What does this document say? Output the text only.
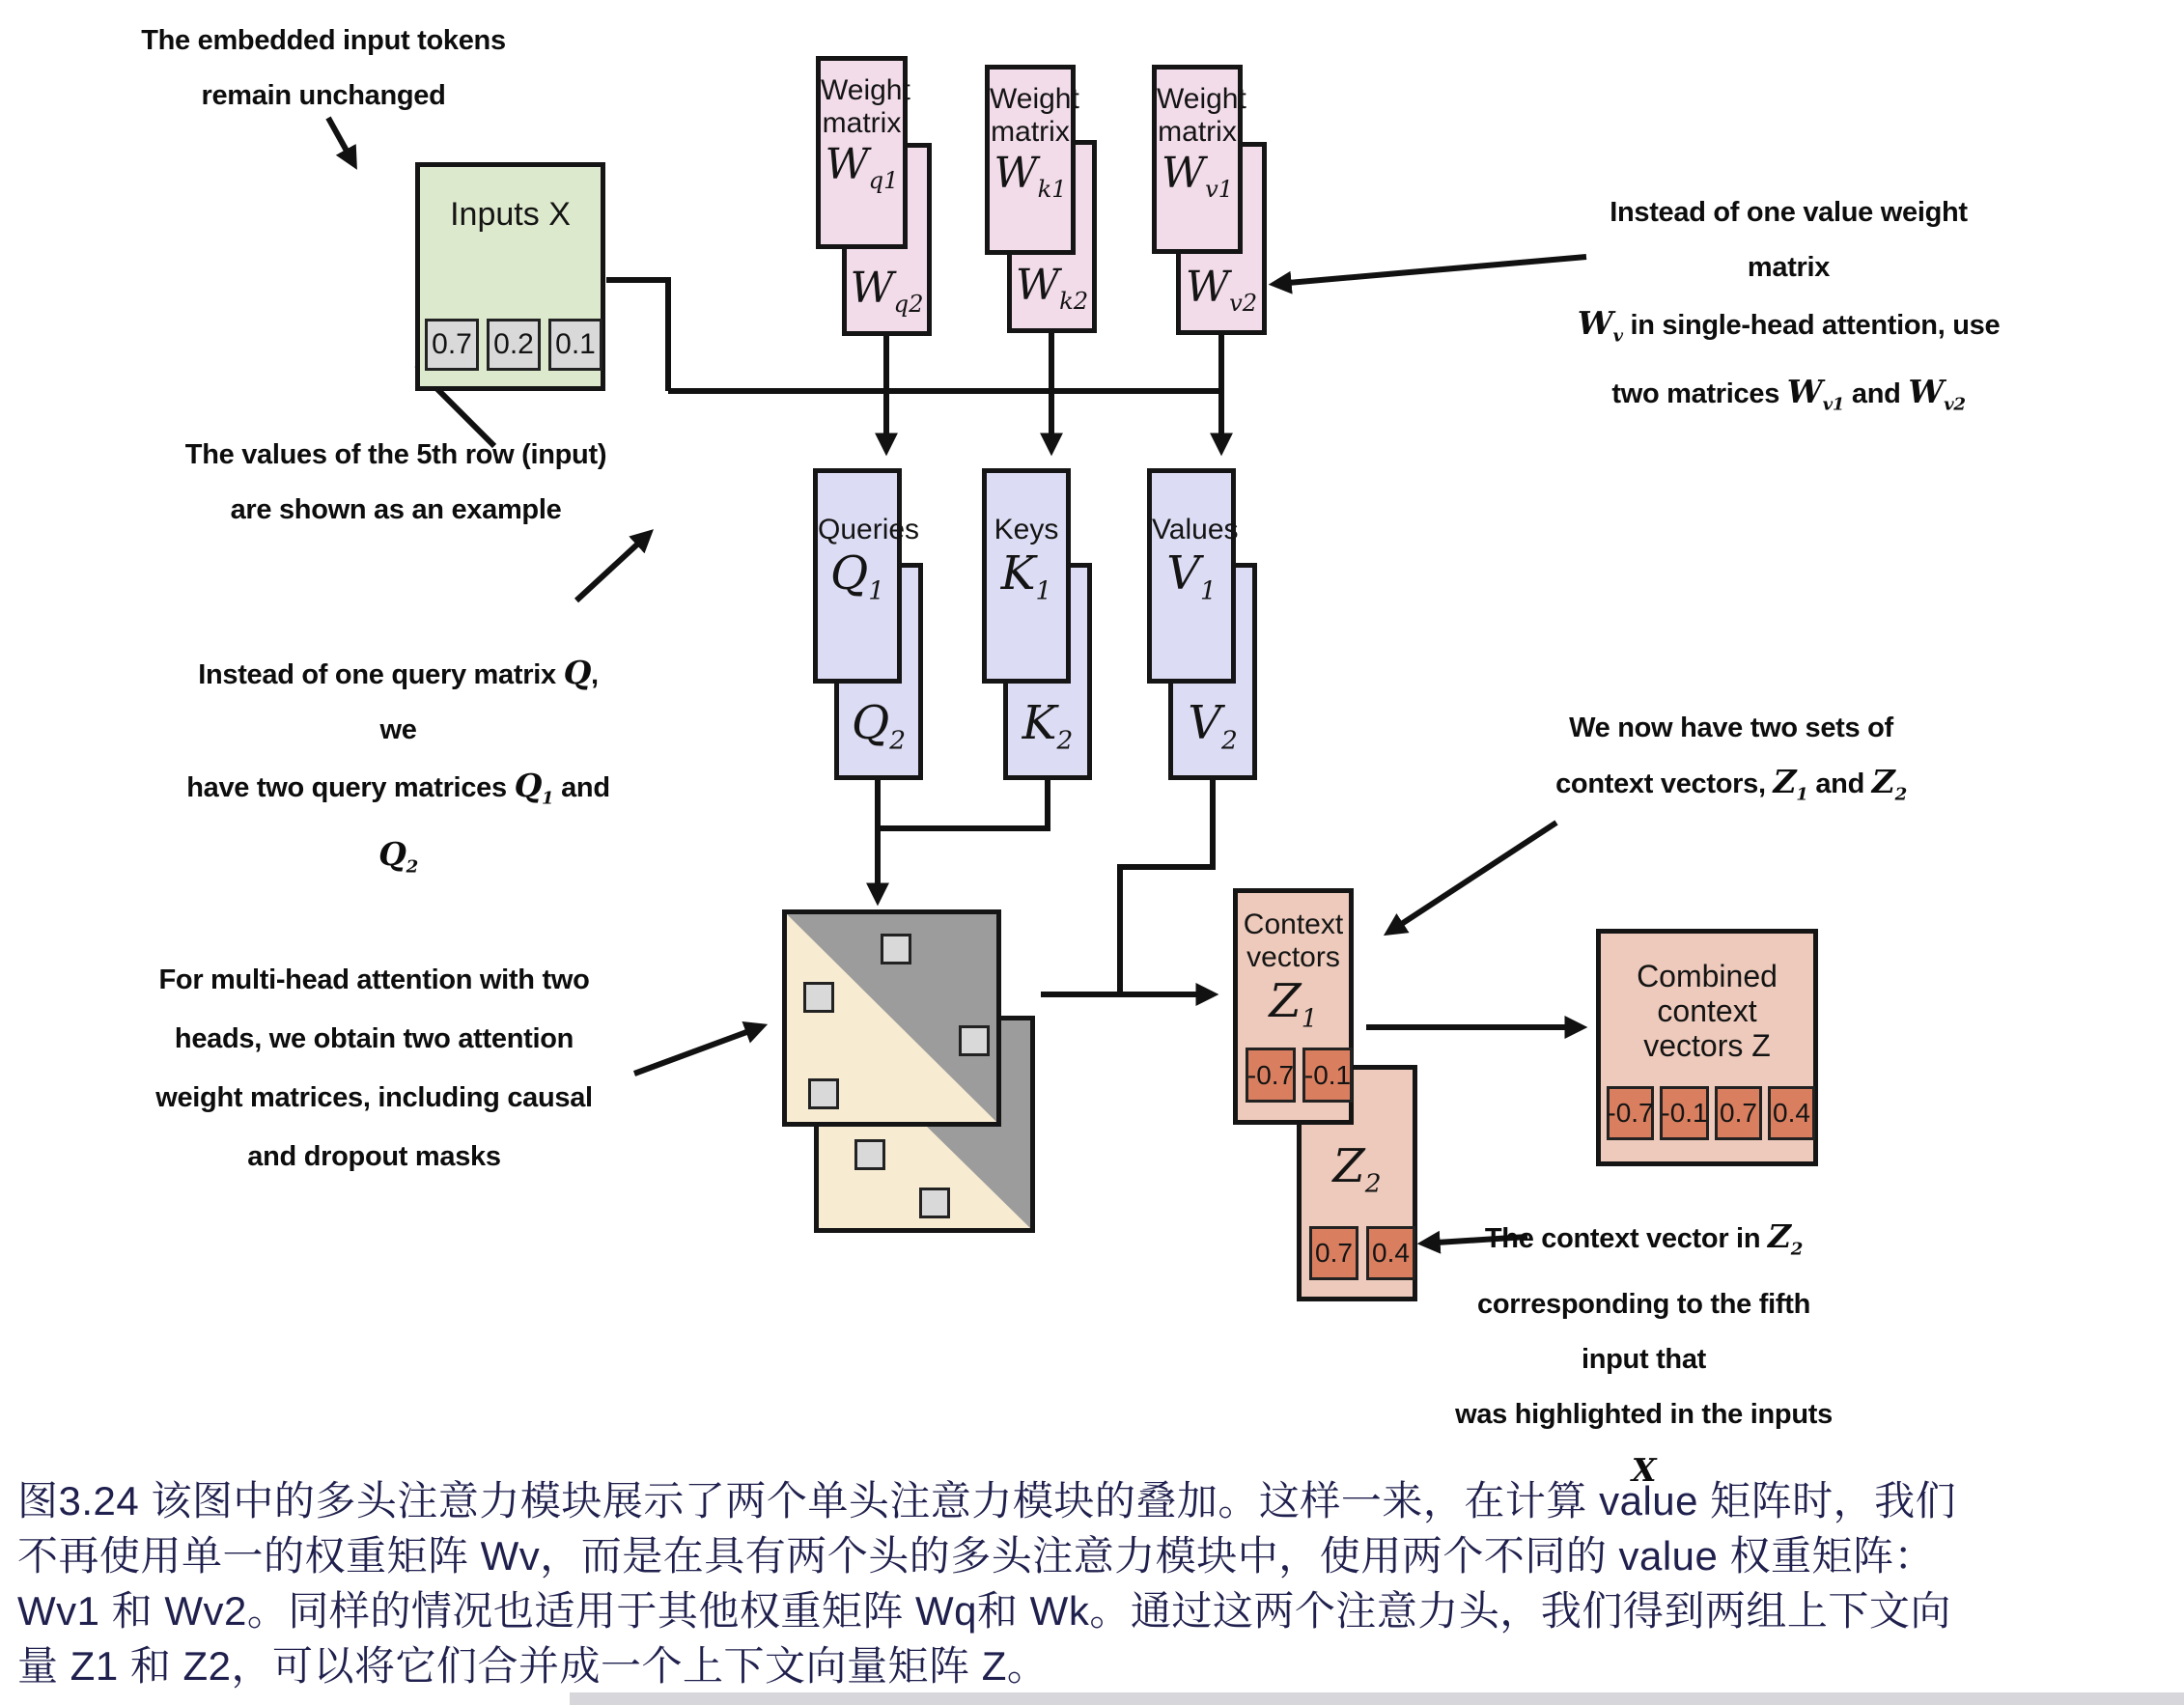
The embedded input tokens
remain unchanged
The values of the 5th row (input)
are shown as an example
Instead of one value weight matrix
$W_v$ in single-head attention, use
two matrices $W_{v1}$ and $W_{v2}$
Instead of one query matrix Q, we
have two query matrices $Q_1$ and $Q_2$
For multi-head attention with two
heads, we obtain two attention
weight matrices, including causal
and dropout masks
We now have two sets of
context vectors, $Z_1$ and $Z_2$
The context vector in $Z_2$
corresponding to the fifth input that
was highlighted in the inputs X
Inputs X
0.7 0.2 0.1
$W_{q2}$
Weight
matrix
$W_{q1}$
$W_{k2}$
Weight
matrix
$W_{k1}$
$W_{v2}$
Weight
matrix
$W_{v1}$
$Q_2$
Queries
$Q_1$
$K_2$
Keys
$K_1$
$V_2$
Values
$V_1$
$Z_2$
0.7 0.4
Context
vectors
$Z_1$
-0.7 -0.1
Combined
context
vectors Z
-0.7 -0.1 0.7 0.4
图3.24 该图中的多头注意力模块展示了两个单头注意力模块的叠加。这样一来，在计算 value 矩阵时，我们
不再使用单一的权重矩阵 Wv，而是在具有两个头的多头注意力模块中，使用两个不同的 value 权重矩阵：
Wv1 和 Wv2。同样的情况也适用于其他权重矩阵 Wq和 Wk。通过这两个注意力头，我们得到两组上下文向
量 Z1 和 Z2，可以将它们合并成一个上下文向量矩阵 Z。
